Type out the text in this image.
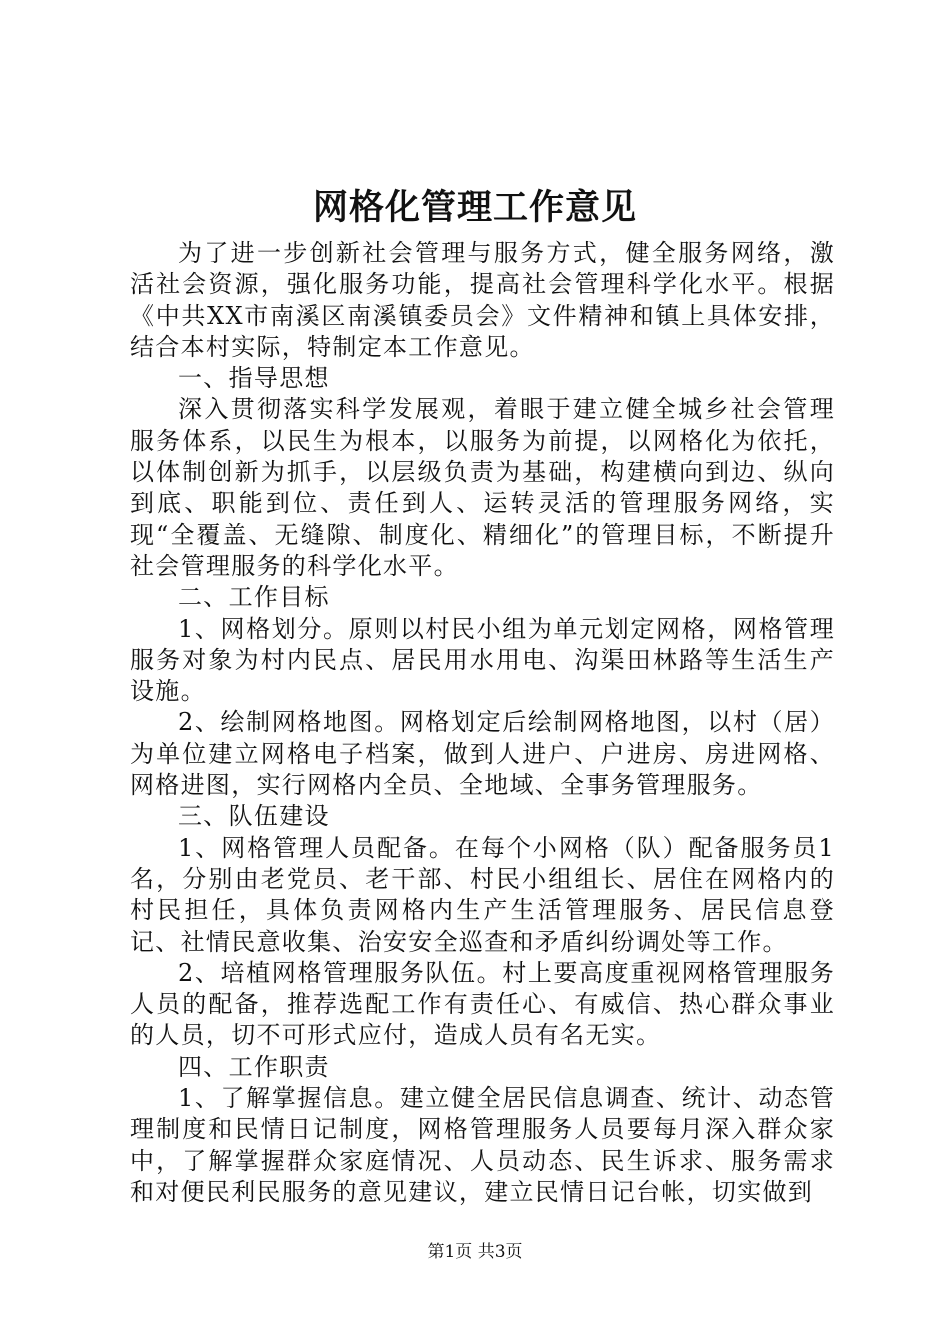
网格化管理工作意见

为了进一步创新社会管理与服务方式，健全服务网络，激活社会资源，强化服务功能，提高社会管理科学化水平。根据《中共XX市南溪区南溪镇委员会》文件精神和镇上具体安排，结合本村实际，特制定本工作意见。

一、指导思想

深入贯彻落实科学发展观，着眼于建立健全城乡社会管理服务体系，以民生为根本，以服务为前提，以网格化为依托，以体制创新为抓手，以层级负责为基础，构建横向到边、纵向到底、职能到位、责任到人、运转灵活的管理服务网络，实现“全覆盖、无缝隙、制度化、精细化”的管理目标，不断提升社会管理服务的科学化水平。

二、工作目标

1、网格划分。原则以村民小组为单元划定网格，网格管理服务对象为村内民点、居民用水用电、沟渠田林路等生活生产设施。

2、绘制网格地图。网格划定后绘制网格地图，以村（居）为单位建立网格电子档案，做到人进户、户进房、房进网格、网格进图，实行网格内全员、全地域、全事务管理服务。

三、队伍建设

1、网格管理人员配备。在每个小网格（队）配备服务员1名，分别由老党员、老干部、村民小组组长、居住在网格内的村民担任，具体负责网格内生产生活管理服务、居民信息登记、社情民意收集、治安安全巡查和矛盾纠纷调处等工作。

2、培植网格管理服务队伍。村上要高度重视网格管理服务人员的配备，推荐选配工作有责任心、有威信、热心群众事业的人员，切不可形式应付，造成人员有名无实。

四、工作职责

1、了解掌握信息。建立健全居民信息调查、统计、动态管理制度和民情日记制度，网格管理服务人员要每月深入群众家中，了解掌握群众家庭情况、人员动态、民生诉求、服务需求和对便民利民服务的意见建议，建立民情日记台帐，切实做到

第1页 共3页
